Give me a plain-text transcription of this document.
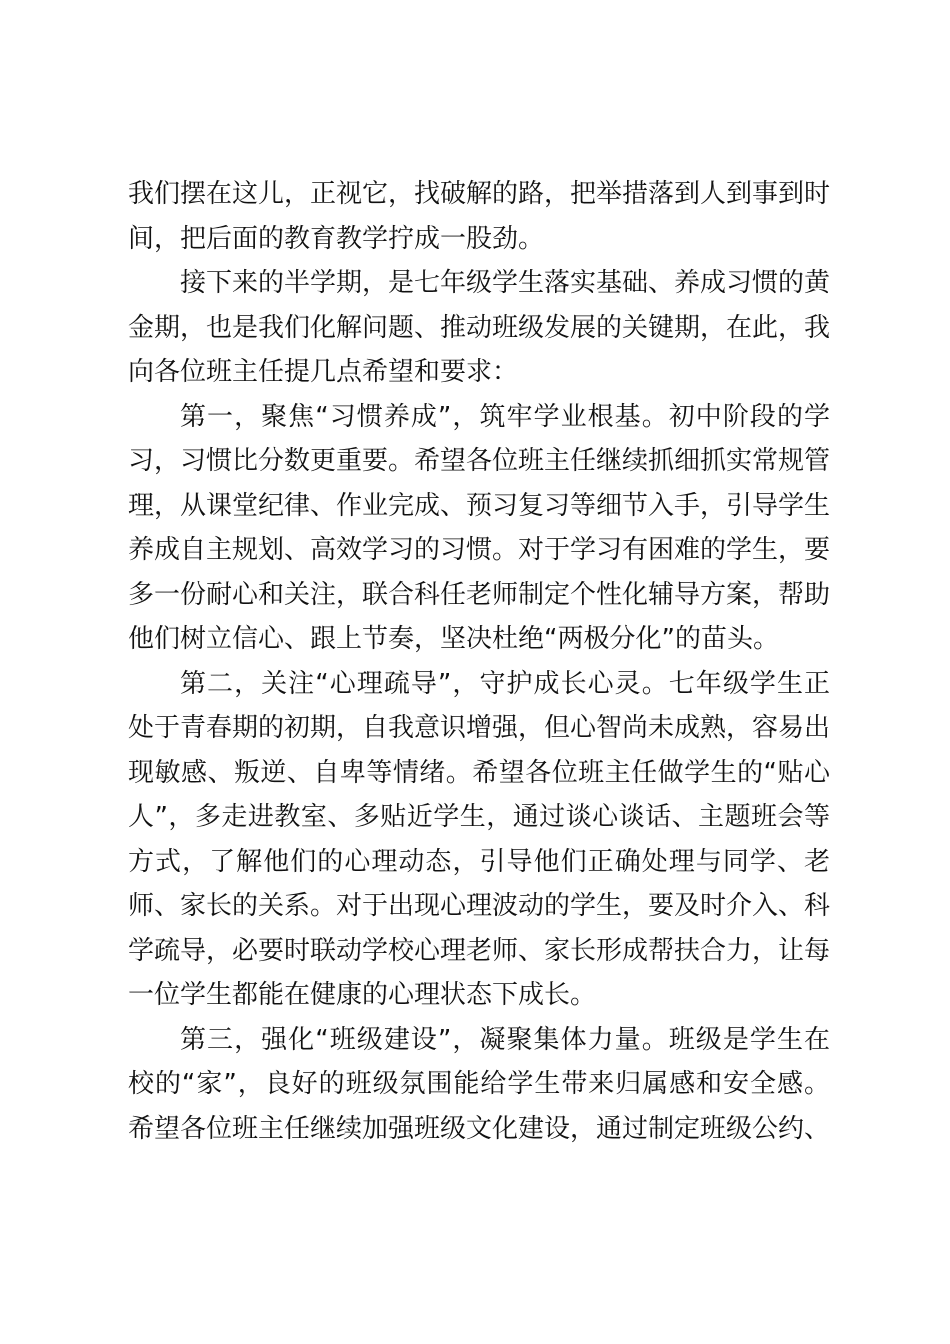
我们摆在这儿，正视它，找破解的路，把举措落到人到事到时间，把后面的教育教学拧成一股劲。

接下来的半学期，是七年级学生落实基础、养成习惯的黄金期，也是我们化解问题、推动班级发展的关键期，在此，我向各位班主任提几点希望和要求：

第一，聚焦“习惯养成”，筑牢学业根基。初中阶段的学习，习惯比分数更重要。希望各位班主任继续抓细抓实常规管理，从课堂纪律、作业完成、预习复习等细节入手，引导学生养成自主规划、高效学习的习惯。对于学习有困难的学生，要多一份耐心和关注，联合科任老师制定个性化辅导方案，帮助他们树立信心、跟上节奏，坚决杜绝“两极分化”的苗头。

第二，关注“心理疏导”，守护成长心灵。七年级学生正处于青春期的初期，自我意识增强，但心智尚未成熟，容易出现敏感、叛逆、自卑等情绪。希望各位班主任做学生的“贴心人”，多走进教室、多贴近学生，通过谈心谈话、主题班会等方式，了解他们的心理动态，引导他们正确处理与同学、老师、家长的关系。对于出现心理波动的学生，要及时介入、科学疏导，必要时联动学校心理老师、家长形成帮扶合力，让每一位学生都能在健康的心理状态下成长。

第三，强化“班级建设”，凝聚集体力量。班级是学生在校的“家”，良好的班级氛围能给学生带来归属感和安全感。希望各位班主任继续加强班级文化建设，通过制定班级公约、
